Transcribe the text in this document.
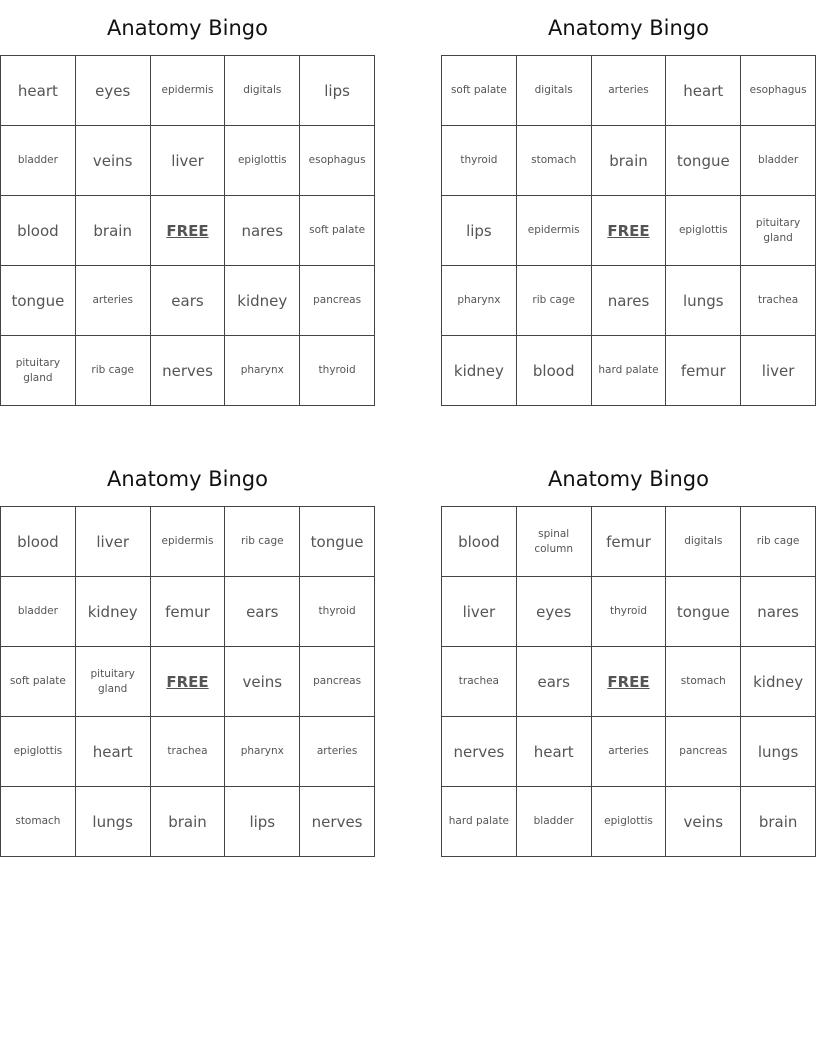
Anatomy Bingo
heart	eyes	epidermis	digitals	lips
bladder	veins	liver	epiglottis	esophagus
blood	brain	FREE	nares	soft palate
tongue	arteries	ears	kidney	pancreas
pituitary gland	rib cage	nerves	pharynx	thyroid
Anatomy Bingo
soft palate	digitals	arteries	heart	esophagus
thyroid	stomach	brain	tongue	bladder
lips	epidermis	FREE	epiglottis	pituitary gland
pharynx	rib cage	nares	lungs	trachea
kidney	blood	hard palate	femur	liver
Anatomy Bingo
blood	liver	epidermis	rib cage	tongue
bladder	kidney	femur	ears	thyroid
soft palate	pituitary gland	FREE	veins	pancreas
epiglottis	heart	trachea	pharynx	arteries
stomach	lungs	brain	lips	nerves
Anatomy Bingo
blood	spinal column	femur	digitals	rib cage
liver	eyes	thyroid	tongue	nares
trachea	ears	FREE	stomach	kidney
nerves	heart	arteries	pancreas	lungs
hard palate	bladder	epiglottis	veins	brain
